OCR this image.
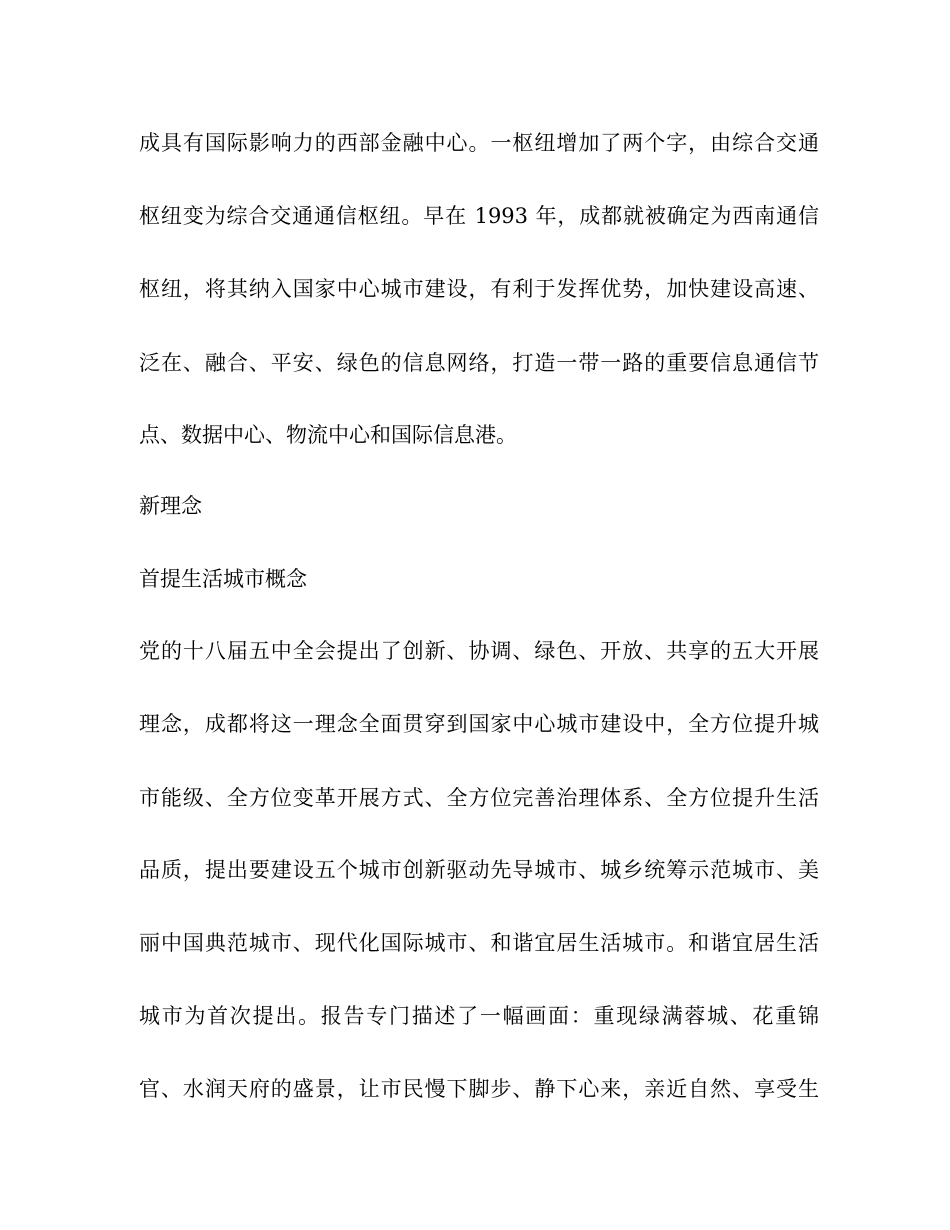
成具有国际影响力的西部金融中心。一枢纽增加了两个字，由综合交通

枢纽变为综合交通通信枢纽。早在 1993 年，成都就被确定为西南通信

枢纽，将其纳入国家中心城市建设，有利于发挥优势，加快建设高速、

泛在、融合、平安、绿色的信息网络，打造一带一路的重要信息通信节

点、数据中心、物流中心和国际信息港。

新理念

首提生活城市概念

党的十八届五中全会提出了创新、协调、绿色、开放、共享的五大开展

理念，成都将这一理念全面贯穿到国家中心城市建设中，全方位提升城

市能级、全方位变革开展方式、全方位完善治理体系、全方位提升生活

品质，提出要建设五个城市创新驱动先导城市、城乡统筹示范城市、美

丽中国典范城市、现代化国际城市、和谐宜居生活城市。和谐宜居生活

城市为首次提出。报告专门描述了一幅画面：重现绿满蓉城、花重锦

官、水润天府的盛景，让市民慢下脚步、静下心来，亲近自然、享受生
